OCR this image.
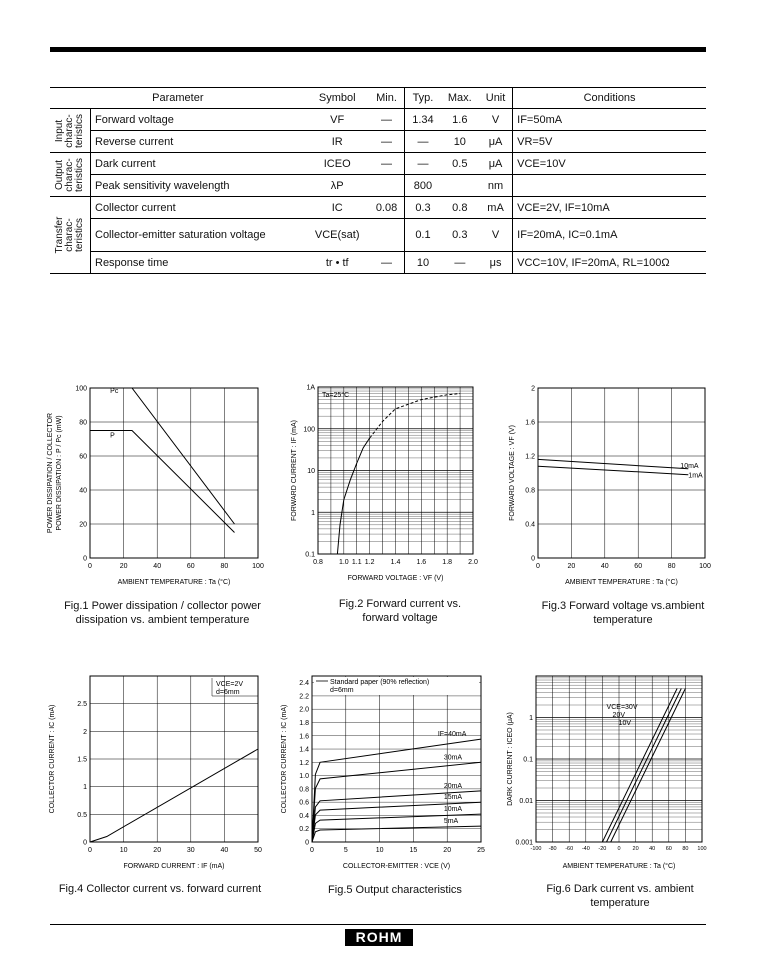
Parameter		Symbol	Min.	Typ.	Max.	Unit	Conditions

Input
charac-
teristics	Forward voltage	VF	—	1.34	1.6	V	IF=50mA
	Reverse current	IR	—	—	10	μA	VR=5V

Output
charac-
teristics	Dark current	ICEO	—	—	0.5	μA	VCE=10V
	Peak sensitivity wavelength	λP		800		nm	

Transfer
charac-
teristics	Collector current	IC	0.08	0.3	0.8	mA	VCE=2V, IF=10mA
	Collector-emitter saturation voltage	VCE(sat)		0.1	0.3	V	IF=20mA, IC=0.1mA
	Response time	tr • tf	—	10	—	μs	VCC=10V, IF=20mA, RL=100Ω
0	20	40	60	80	100
0
20
40
60
80
100
AMBIENT TEMPERATURE : Ta (°C)
POWER DISSIPATION / COLLECTOR POWER DISSIPATION : P / Pc (mW)
Pc
P
0.8 1.0 1.1 1.2 1.4 1.6 1.8 2.0
0.1
1
10
100
1A
FORWARD VOLTAGE : VF (V)
FORWARD CURRENT : IF (mA)
Ta=25°C
0	20	40	60	80	100
0
0.4
0.8
1.2
1.6
2
AMBIENT TEMPERATURE : Ta (°C)
FORWARD VOLTAGE : VF (V)	10mA
1mA
0	10	20	30	40	50
0
0.5
1
1.5
2
2.5
FORWARD CURRENT : IF (mA)
COLLECTOR CURRENT : IC (mA)
VCE=2V
d=6mm
0	5	10	15	20	25
0
0.2
0.4
0.6
0.8
1.0
1.2
1.4
1.6
1.8
2.0
2.2
2.4
COLLECTOR-EMITTER : VCE (V)
COLLECTOR CURRENT : IC (mA)
Standard paper (90% reflection)
d=6mm
IF=40mA
30mA
20mA
15mA
10mA
5mA
-100 -80 -60 -40 -20 0 20 40 60 80 100
0.001
0.01
0.1
1
AMBIENT TEMPERATURE : Ta (°C)
DARK CURRENT : ICEO (μA)
VCE=30V
20V
10V
Fig.1 Power dissipation / collector power
dissipation vs. ambient temperature
Fig.2 Forward current vs.
forward voltage
Fig.3 Forward voltage vs.ambient
temperature
Fig.4 Collector current vs. forward current	Fig.5 Output characteristics	Fig.6 Dark current vs. ambient
temperature
ROHM
